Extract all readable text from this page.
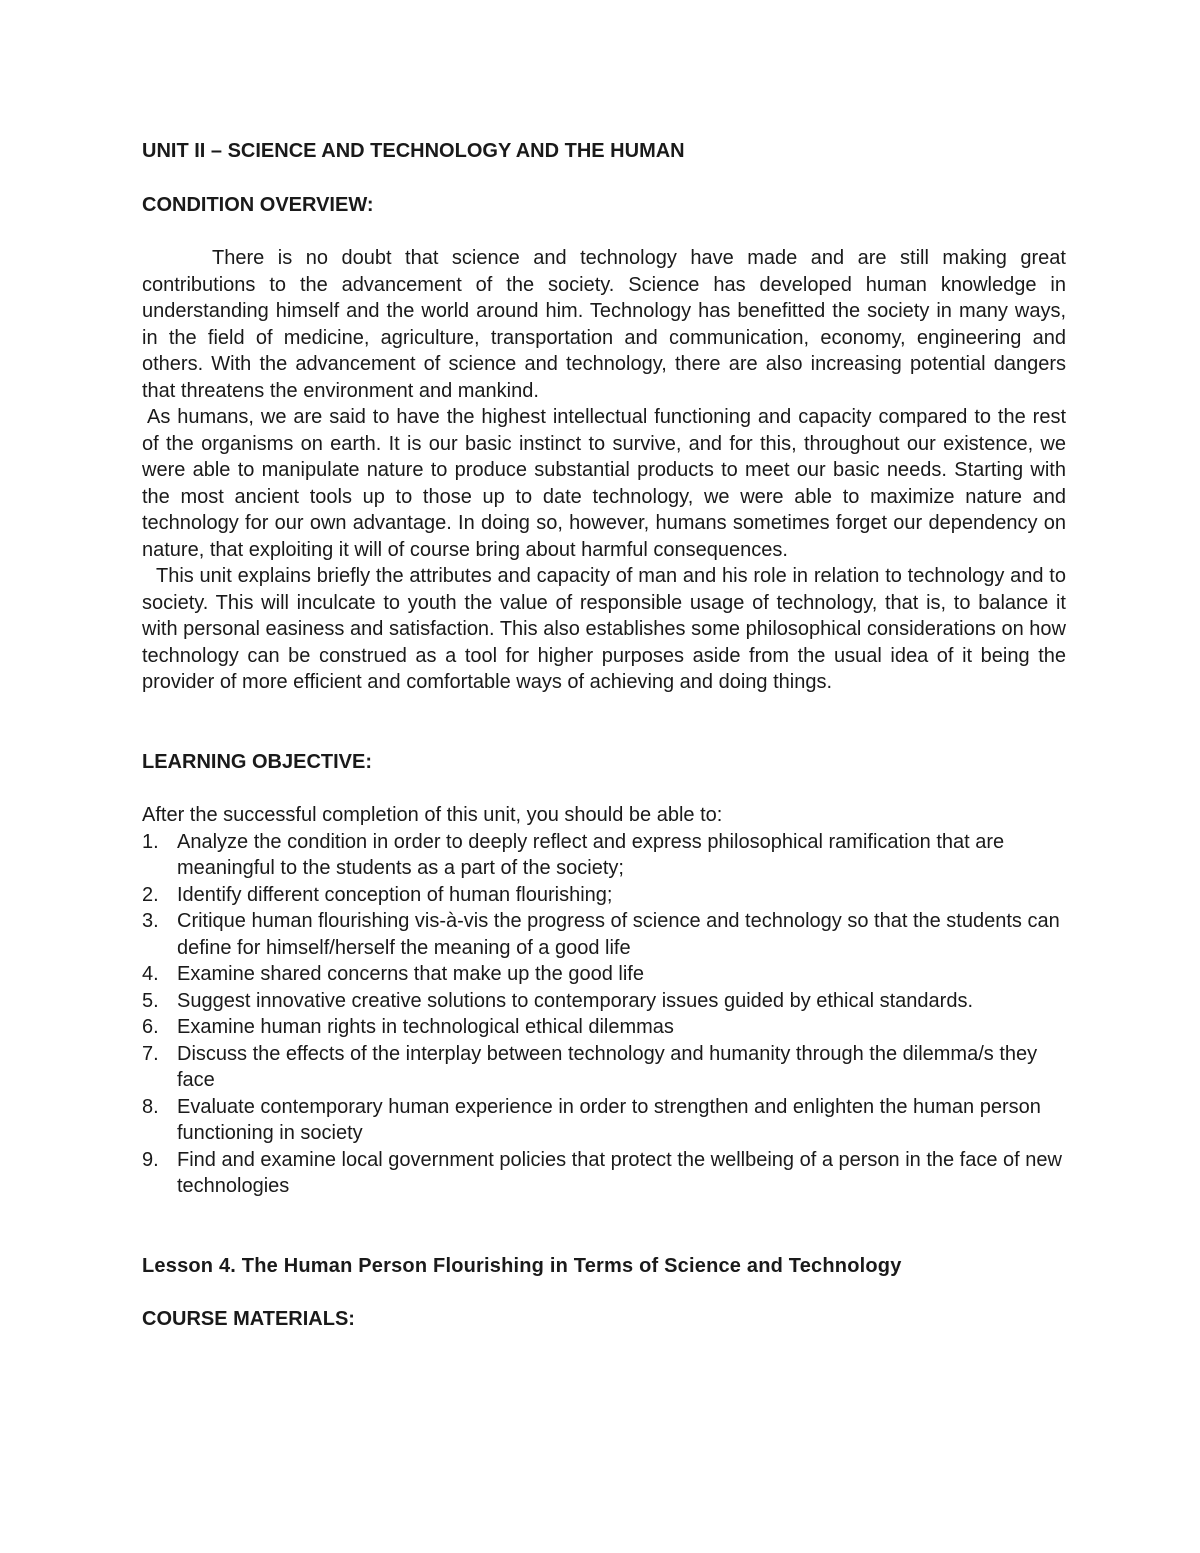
UNIT II – SCIENCE AND TECHNOLOGY AND THE HUMAN

CONDITION OVERVIEW:

There is no doubt that science and technology have made and are still making great contributions to the advancement of the society. Science has developed human knowledge in understanding himself and the world around him. Technology has benefitted the society in many ways, in the field of medicine, agriculture, transportation and communication, economy, engineering and others. With the advancement of science and technology, there are also increasing potential dangers that threatens the environment and mankind.

As humans, we are said to have the highest intellectual functioning and capacity compared to the rest of the organisms on earth. It is our basic instinct to survive, and for this, throughout our existence, we were able to manipulate nature to produce substantial products to meet our basic needs. Starting with the most ancient tools up to those up to date technology, we were able to maximize nature and technology for our own advantage. In doing so, however, humans sometimes forget our dependency on nature, that exploiting it will of course bring about harmful consequences.

This unit explains briefly the attributes and capacity of man and his role in relation to technology and to society. This will inculcate to youth the value of responsible usage of technology, that is, to balance it with personal easiness and satisfaction. This also establishes some philosophical considerations on how technology can be construed as a tool for higher purposes aside from the usual idea of it being the provider of more efficient and comfortable ways of achieving and doing things.

LEARNING OBJECTIVE:

After the successful completion of this unit, you should be able to:

1. Analyze the condition in order to deeply reflect and express philosophical ramification that are meaningful to the students as a part of the society;
2. Identify different conception of human flourishing;
3. Critique human flourishing vis-à-vis the progress of science and technology so that the students can define for himself/herself the meaning of a good life
4. Examine shared concerns that make up the good life
5. Suggest innovative creative solutions to contemporary issues guided by ethical standards.
6. Examine human rights in technological ethical dilemmas
7. Discuss the effects of the interplay between technology and humanity through the dilemma/s they face
8. Evaluate contemporary human experience in order to strengthen and enlighten the human person functioning in society
9. Find and examine local government policies that protect the wellbeing of a person in the face of new technologies

Lesson 4. The Human Person Flourishing in Terms of Science and Technology

COURSE MATERIALS:
